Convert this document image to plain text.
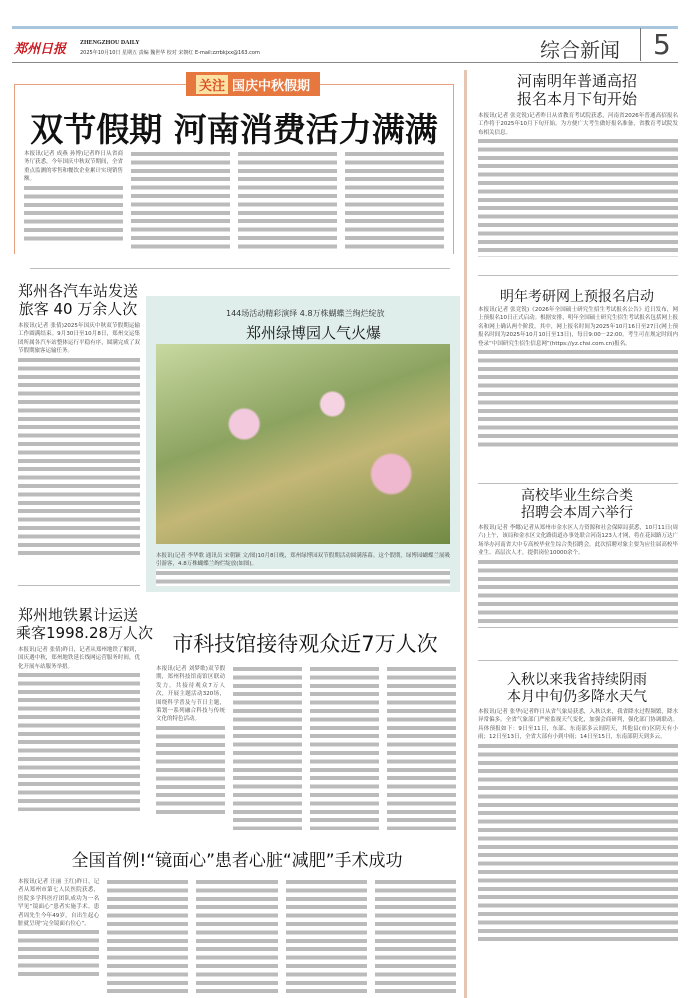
郑州日报 ZHENGZHOU DAILY
2025年10月10日 星期五 责编 魏世华 校对 宋朝红 E-mail:zzrbkjxx@163.com	综合新闻	5
关注 国庆中秋假期
双节假期 河南消费活力满满

本报讯(记者 成燕 孙博)记者昨日从省商务厅获悉，今年国庆中秋双节期间，全省重点监测的零售和餐饮企业累计实现销售额。

郑州各汽车站发送
旅客 40 万余人次

本报讯(记者 张倩)2025年国庆中秋双节假期运输工作圆满结束。9月30日至10月8日，郑州交运集团所属各汽车站整体运行平稳有序，圆满完成了双节假期旅客运输任务。

郑州地铁累计运送
乘客1998.28万人次

本报讯(记者 张倩)昨日，记者从郑州地铁了解到，国庆遇中秋，郑州地铁延长线网运营服务时间，优化开展车站服务举措。

144场活动精彩演绎 4.8万株蝴蝶兰绚烂绽放
郑州绿博园人气火爆

本报讯(记者 李华歌 通讯员 宋朝颖 文/图)10月8日晚，郑州绿博园双节假期活动圆满落幕。这个假期，绿博园蝴蝶兰展吸引游客，4.8万株蝴蝶兰绚烂绽放(如图)。

市科技馆接待观众近7万人次

本报讯(记者 刘梦歌)双节假期，郑州科技馆南馆区联动发力，共接待观众7万人次，开展主题活动320场，围绕科学普及与节日主题，策划一系列融合科技与传统文化的特色活动。

全国首例!“镜面心”患者心脏“减肥”手术成功

本报讯(记者 汪丽 王红)昨日，记者从郑州市第七人民医院获悉，医院多学科医疗团队成功为一名罕见“镜面心”患者实施手术。患者周先生今年49岁，自出生起心脏就呈现“完全镜面右位心”。

河南明年普通高招
报名本月下旬开始

本报讯(记者 张竞锐)记者昨日从省教育考试院获悉，河南省2026年普通高招报名工作将于2025年10月下旬开始。为方便广大考生做好报名准备，省教育考试院发布相关信息。

明年考研网上预报名启动

本报讯(记者 张竞锐)《2026年全国硕士研究生招生考试报名公告》近日发布，网上预报名10日正式启动。根据安排，明年全国硕士研究生招生考试报名包括网上报名和网上确认两个阶段。其中，网上报名时间为2025年10月16日至27日(网上预报名时间为2025年10月10日至13日)，每日9:00－22:00。考生可在规定时间内登录“中国研究生招生信息网”(https://yz.chsi.com.cn)报名。

高校毕业生综合类
招聘会本周六举行

本报讯(记者 李娜)记者从郑州市金水区人力资源和社会保障局获悉，10月11日(周六)上午，该局和金水区文化路街道办事处联合河南123人才网，将在花园路万达广场举办河南省大中专高校毕业生综合类招聘会。此次招聘对象主要为应往届高校毕业生、高层次人才，提供岗位10000余个。

入秋以来我省持续阴雨
本月中旬仍多降水天气

本报讯(记者 张华)记者昨日从省气象局获悉，入秋以来，我省降水过程频繁，降水异常偏多。全省气象部门严密监视天气变化，加强会商研判，强化部门协调联动。具体预报如下：9日至11日，东部、东南部多云间阴天，其他县(市)区阴天有小雨；12日至13日，全省大部有小到中雨；14日至15日，东南部阴天到多云。
